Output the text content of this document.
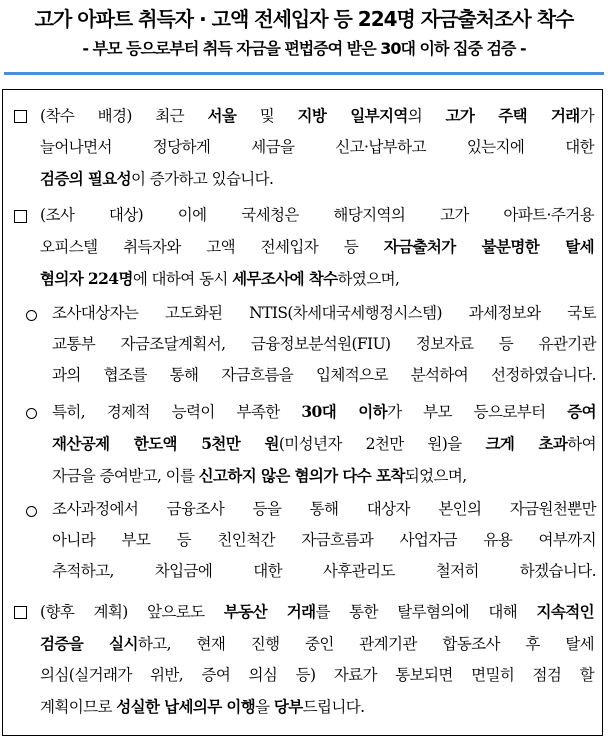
고가 아파트 취득자 · 고액 전세입자 등 224명 자금출처조사 착수
- 부모 등으로부터 취득 자금을 편법증여 받은 30대 이하 집중 검증 -
(착수 배경) 최근 서울 및 지방 일부지역의 고가 주택 거래가
늘어나면서 정당하게 세금을 신고·납부하고 있는지에 대한
검증의 필요성이 증가하고 있습니다.
(조사 대상) 이에 국세청은 해당지역의 고가 아파트·주거용
오피스텔 취득자와 고액 전세입자 등 자금출처가 불분명한 탈세
혐의자 224명에 대하여 동시 세무조사에 착수하였으며,
조사대상자는 고도화된 NTIS(차세대국세행정시스템) 과세정보와 국토
교통부 자금조달계획서, 금융정보분석원(FIU) 정보자료 등 유관기관
과의 협조를 통해 자금흐름을 입체적으로 분석하여 선정하였습니다.
특히, 경제적 능력이 부족한 30대 이하가 부모 등으로부터 증여
재산공제 한도액 5천만 원(미성년자 2천만 원)을 크게 초과하여
자금을 증여받고, 이를 신고하지 않은 혐의가 다수 포착되었으며,
조사과정에서 금융조사 등을 통해 대상자 본인의 자금원천뿐만
아니라 부모 등 친인척간 자금흐름과 사업자금 유용 여부까지
추적하고, 차입금에 대한 사후관리도 철저히 하겠습니다.
(향후 계획) 앞으로도 부동산 거래를 통한 탈루혐의에 대해 지속적인
검증을 실시하고, 현재 진행 중인 관계기관 합동조사 후 탈세
의심(실거래가 위반, 증여 의심 등) 자료가 통보되면 면밀히 점검 할
계획이므로 성실한 납세의무 이행을 당부드립니다.
